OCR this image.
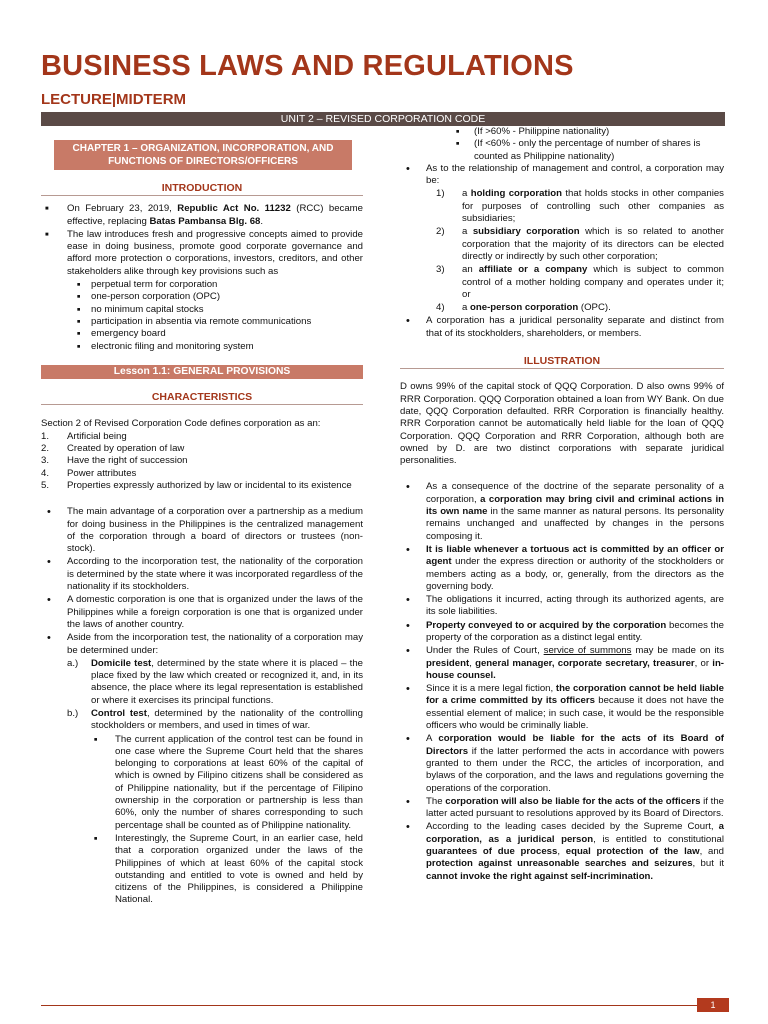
BUSINESS LAWS AND REGULATIONS
LECTURE|MIDTERM
UNIT 2 – REVISED CORPORATION CODE
CHAPTER 1 – ORGANIZATION, INCORPORATION, AND FUNCTIONS OF DIRECTORS/OFFICERS
INTRODUCTION
■ On February 23, 2019, Republic Act No. 11232 (RCC) became effective, replacing Batas Pambansa Blg. 68.
■ The law introduces fresh and progressive concepts aimed to provide ease in doing business, promote good corporate governance and afford more protection o corporations, investors, creditors, and other stakeholders alike through key provisions such as
■ perpetual term for corporation
■ one-person corporation (OPC)
■ no minimum capital stocks
■ participation in absentia via remote communications
■ emergency board
■ electronic filing and monitoring system
Lesson 1.1: GENERAL PROVISIONS
CHARACTERISTICS

Section 2 of Revised Corporation Code defines corporation as an:

1. Artificial being
2. Created by operation of law
3. Have the right of succession
4. Power attributes
5. Properties expressly authorized by law or incidental to its existence
• The main advantage of a corporation over a partnership as a medium for doing business in the Philippines is the centralized management of the corporation through a board of directors or trustees (non-stock).
• According to the incorporation test, the nationality of the corporation is determined by the state where it was incorporated regardless of the nationality if its stockholders.
• A domestic corporation is one that is organized under the laws of the Philippines while a foreign corporation is one that is organized under the laws of another country.
• Aside from the incorporation test, the nationality of a corporation may be determined under:
a.) Domicile test, determined by the state where it is placed – the place fixed by the law which created or recognized it, and, in its absence, the place where its legal representation is established or where it exercises its principal functions.
b.) Control test, determined by the nationality of the controlling stockholders or members, and used in times of war.
■ The current application of the control test can be found in one case where the Supreme Court held that the shares belonging to corporations at least 60% of the capital of which is owned by Filipino citizens shall be considered as of Philippine nationality, but if the percentage of Filipino ownership in the corporation or partnership is less than 60%, only the number of shares corresponding to such percentage shall be counted as of Philippine nationality.
■ Interestingly, the Supreme Court, in an earlier case, held that a corporation organized under the laws of the Philippines of which at least 60% of the capital stock outstanding and entitled to vote is owned and held by citizens of the Philippines, is considered a Philippine National.
■ (If >60% - Philippine nationality)
■ (If <60% - only the percentage of number of shares is counted as Philippine nationality)
• As to the relationship of management and control, a corporation may be:
1) a holding corporation that holds stocks in other companies for purposes of controlling such other companies as subsidiaries;
2) a subsidiary corporation which is so related to another corporation that the majority of its directors can be elected directly or indirectly by such other corporation;
3) an affiliate or a company which is subject to common control of a mother holding company and operates under it; or
4) a one-person corporation (OPC).
• A corporation has a juridical personality separate and distinct from that of its stockholders, shareholders, or members.
ILLUSTRATION

D owns 99% of the capital stock of QQQ Corporation. D also owns 99% of RRR Corporation. QQQ Corporation obtained a loan from WY Bank. On due date, QQQ Corporation defaulted. RRR Corporation is financially healthy. RRR Corporation cannot be automatically held liable for the loan of QQQ Corporation. QQQ Corporation and RRR Corporation, although both are owned by D. are two distinct corporations with separate juridical personalities.

• As a consequence of the doctrine of the separate personality of a corporation, a corporation may bring civil and criminal actions in its own name in the same manner as natural persons. Its personality remains unchanged and unaffected by changes in the persons composing it.
• It is liable whenever a tortuous act is committed by an officer or agent under the express direction or authority of the stockholders or members acting as a body, or, generally, from the directors as the governing body.
• The obligations it incurred, acting through its authorized agents, are its sole liabilities.
• Property conveyed to or acquired by the corporation becomes the property of the corporation as a distinct legal entity.
• Under the Rules of Court, service of summons may be made on its president, general manager, corporate secretary, treasurer, or in-house counsel.
• Since it is a mere legal fiction, the corporation cannot be held liable for a crime committed by its officers because it does not have the essential element of malice; in such case, it would be the responsible officers who would be criminally liable.
• A corporation would be liable for the acts of its Board of Directors if the latter performed the acts in accordance with powers granted to them under the RCC, the articles of incorporation, and bylaws of the corporation, and the laws and regulations governing the operations of the corporation.
• The corporation will also be liable for the acts of the officers if the latter acted pursuant to resolutions approved by its Board of Directors.
• According to the leading cases decided by the Supreme Court, a corporation, as a juridical person, is entitled to constitutional guarantees of due process, equal protection of the law, and protection against unreasonable searches and seizures, but it cannot invoke the right against self-incrimination.
1
